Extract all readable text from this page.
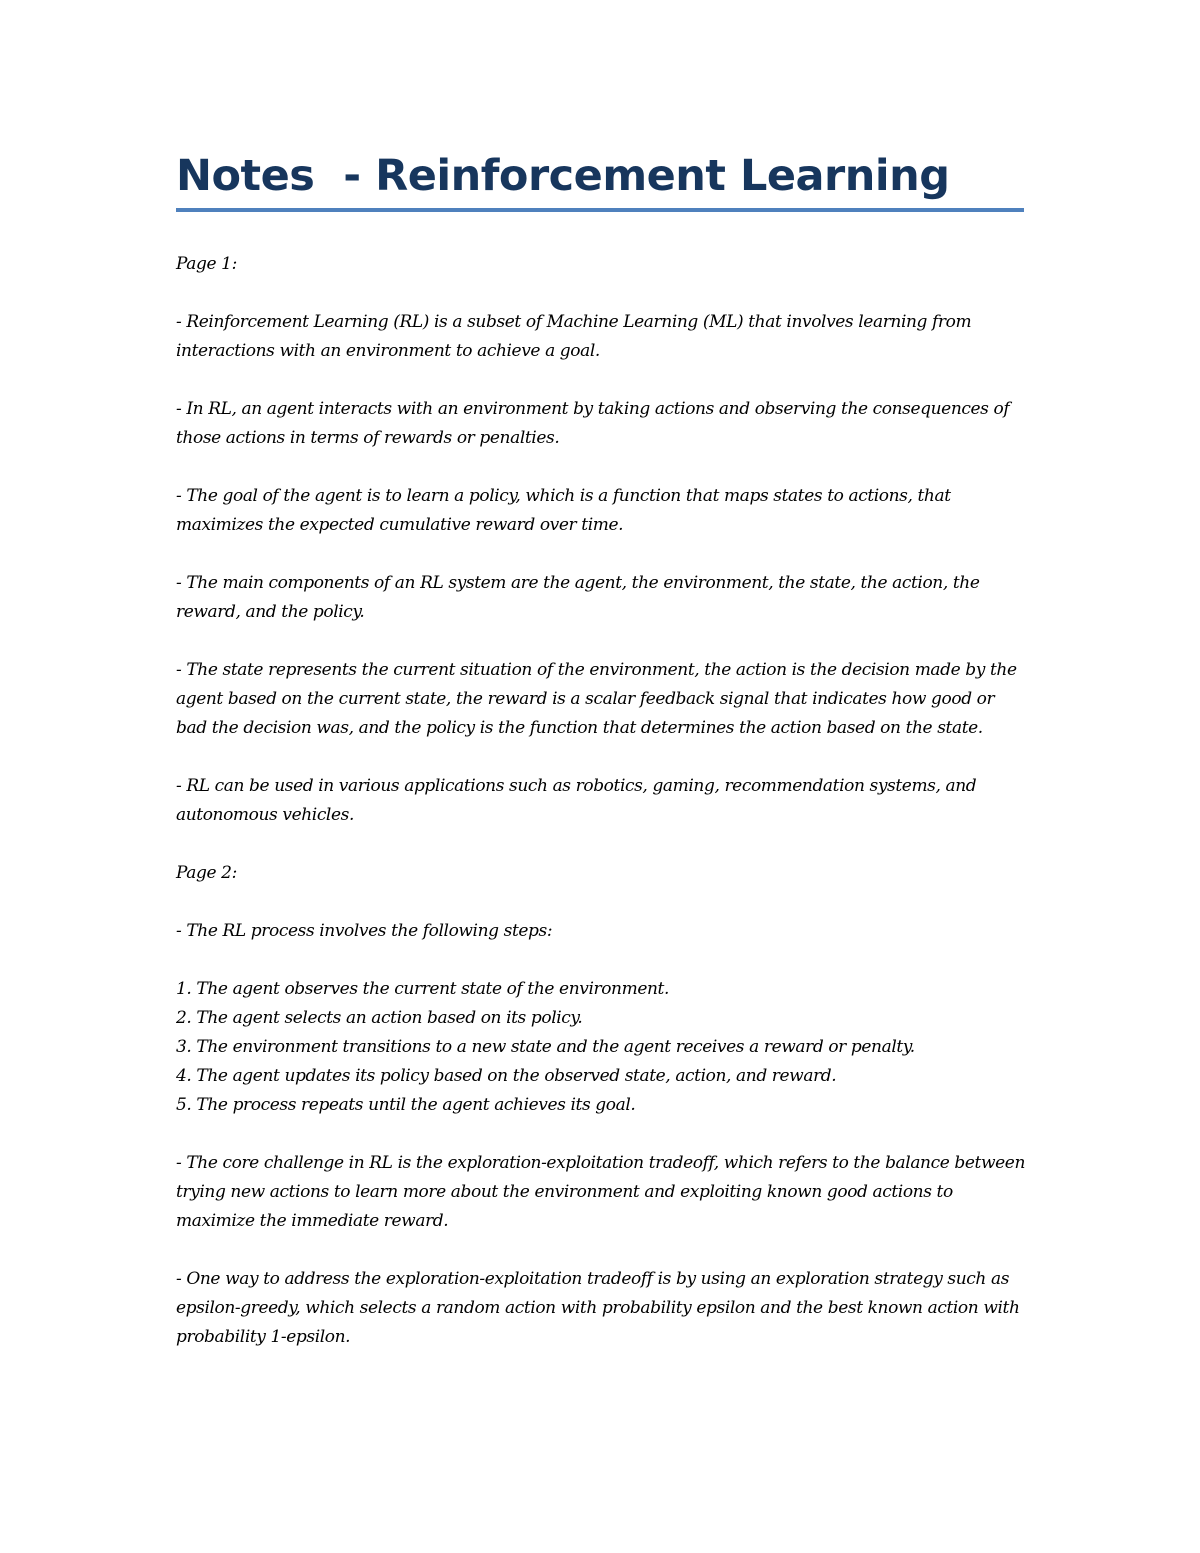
Notes  - Reinforcement Learning

Page 1:

- Reinforcement Learning (RL) is a subset of Machine Learning (ML) that involves learning from interactions with an environment to achieve a goal.

- In RL, an agent interacts with an environment by taking actions and observing the consequences of those actions in terms of rewards or penalties.

- The goal of the agent is to learn a policy, which is a function that maps states to actions, that maximizes the expected cumulative reward over time.

- The main components of an RL system are the agent, the environment, the state, the action, the reward, and the policy.

- The state represents the current situation of the environment, the action is the decision made by the agent based on the current state, the reward is a scalar feedback signal that indicates how good or bad the decision was, and the policy is the function that determines the action based on the state.

- RL can be used in various applications such as robotics, gaming, recommendation systems, and autonomous vehicles.

Page 2:

- The RL process involves the following steps:

1. The agent observes the current state of the environment.
2. The agent selects an action based on its policy.
3. The environment transitions to a new state and the agent receives a reward or penalty.
4. The agent updates its policy based on the observed state, action, and reward.
5. The process repeats until the agent achieves its goal.

- The core challenge in RL is the exploration-exploitation tradeoff, which refers to the balance between trying new actions to learn more about the environment and exploiting known good actions to maximize the immediate reward.

- One way to address the exploration-exploitation tradeoff is by using an exploration strategy such as epsilon-greedy, which selects a random action with probability epsilon and the best known action with probability 1-epsilon.
